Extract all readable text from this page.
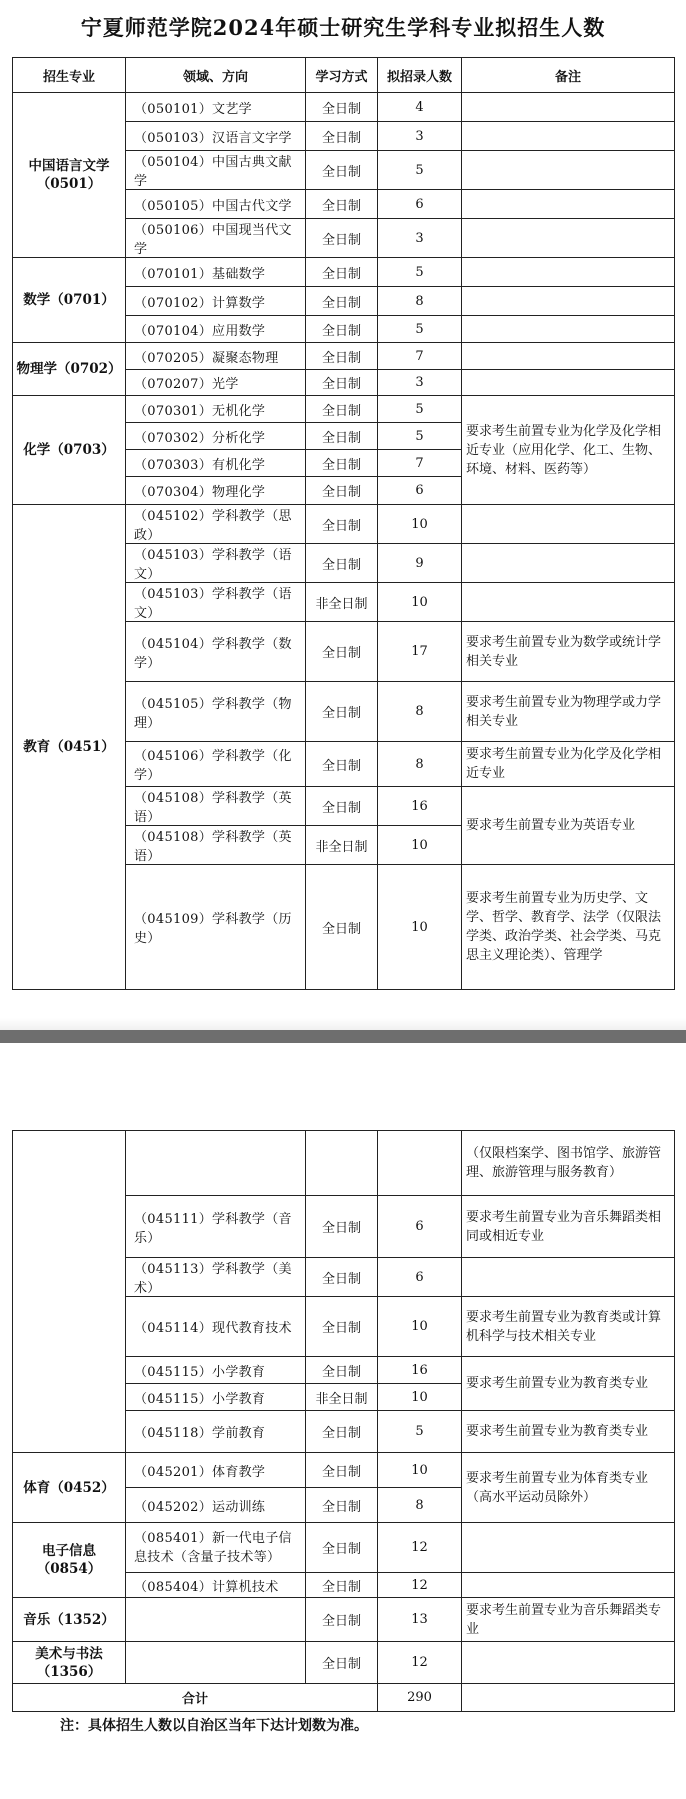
宁夏师范学院2024年硕士研究生学科专业拟招生人数
招生专业	领域、方向	学习方式	拟招录人数	备注
中国语言文学（0501）	（050101）文艺学	全日制	4	
	（050103）汉语言文字学	全日制	3	
	（050104）中国古典文献学	全日制	5	
	（050105）中国古代文学	全日制	6	
	（050106）中国现当代文学	全日制	3	
数学（0701）	（070101）基础数学	全日制	5	
	（070102）计算数学	全日制	8	
	（070104）应用数学	全日制	5	
物理学（0702）	（070205）凝聚态物理	全日制	7	
	（070207）光学	全日制	3	
化学（0703）	（070301）无机化学	全日制	5	要求考生前置专业为化学及化学相近专业（应用化学、化工、生物、环境、材料、医药等）
	（070302）分析化学	全日制	5	
	（070303）有机化学	全日制	7	
	（070304）物理化学	全日制	6	
教育（0451）	（045102）学科教学（思政）	全日制	10	
	（045103）学科教学（语文）	全日制	9	
	（045103）学科教学（语文）	非全日制	10	
	（045104）学科教学（数学）	全日制	17	要求考生前置专业为数学或统计学相关专业
	（045105）学科教学（物理）	全日制	8	要求考生前置专业为物理学或力学相关专业
	（045106）学科教学（化学）	全日制	8	要求考生前置专业为化学及化学相近专业
	（045108）学科教学（英语）	全日制	16	要求考生前置专业为英语专业
	（045108）学科教学（英语）	非全日制	10	
	（045109）学科教学（历史）	全日制	10	要求考生前置专业为历史学、文学、哲学、教育学、法学（仅限法学类、政治学类、社会学类、马克思主义理论类）、管理学
				（仅限档案学、图书馆学、旅游管理、旅游管理与服务教育）
	（045111）学科教学（音乐）	全日制	6	要求考生前置专业为音乐舞蹈类相同或相近专业
	（045113）学科教学（美术）	全日制	6	
	（045114）现代教育技术	全日制	10	要求考生前置专业为教育类或计算机科学与技术相关专业
	（045115）小学教育	全日制	16	要求考生前置专业为教育类专业
	（045115）小学教育	非全日制	10	
	（045118）学前教育	全日制	5	要求考生前置专业为教育类专业
体育（0452）	（045201）体育教学	全日制	10	要求考生前置专业为体育类专业（高水平运动员除外）
	（045202）运动训练	全日制	8	
电子信息（0854）	（085401）新一代电子信息技术（含量子技术等）	全日制	12	
	（085404）计算机技术	全日制	12	
音乐（1352）		全日制	13	要求考生前置专业为音乐舞蹈类专业
美术与书法（1356）		全日制	12	
合计			290	
注：具体招生人数以自治区当年下达计划数为准。
